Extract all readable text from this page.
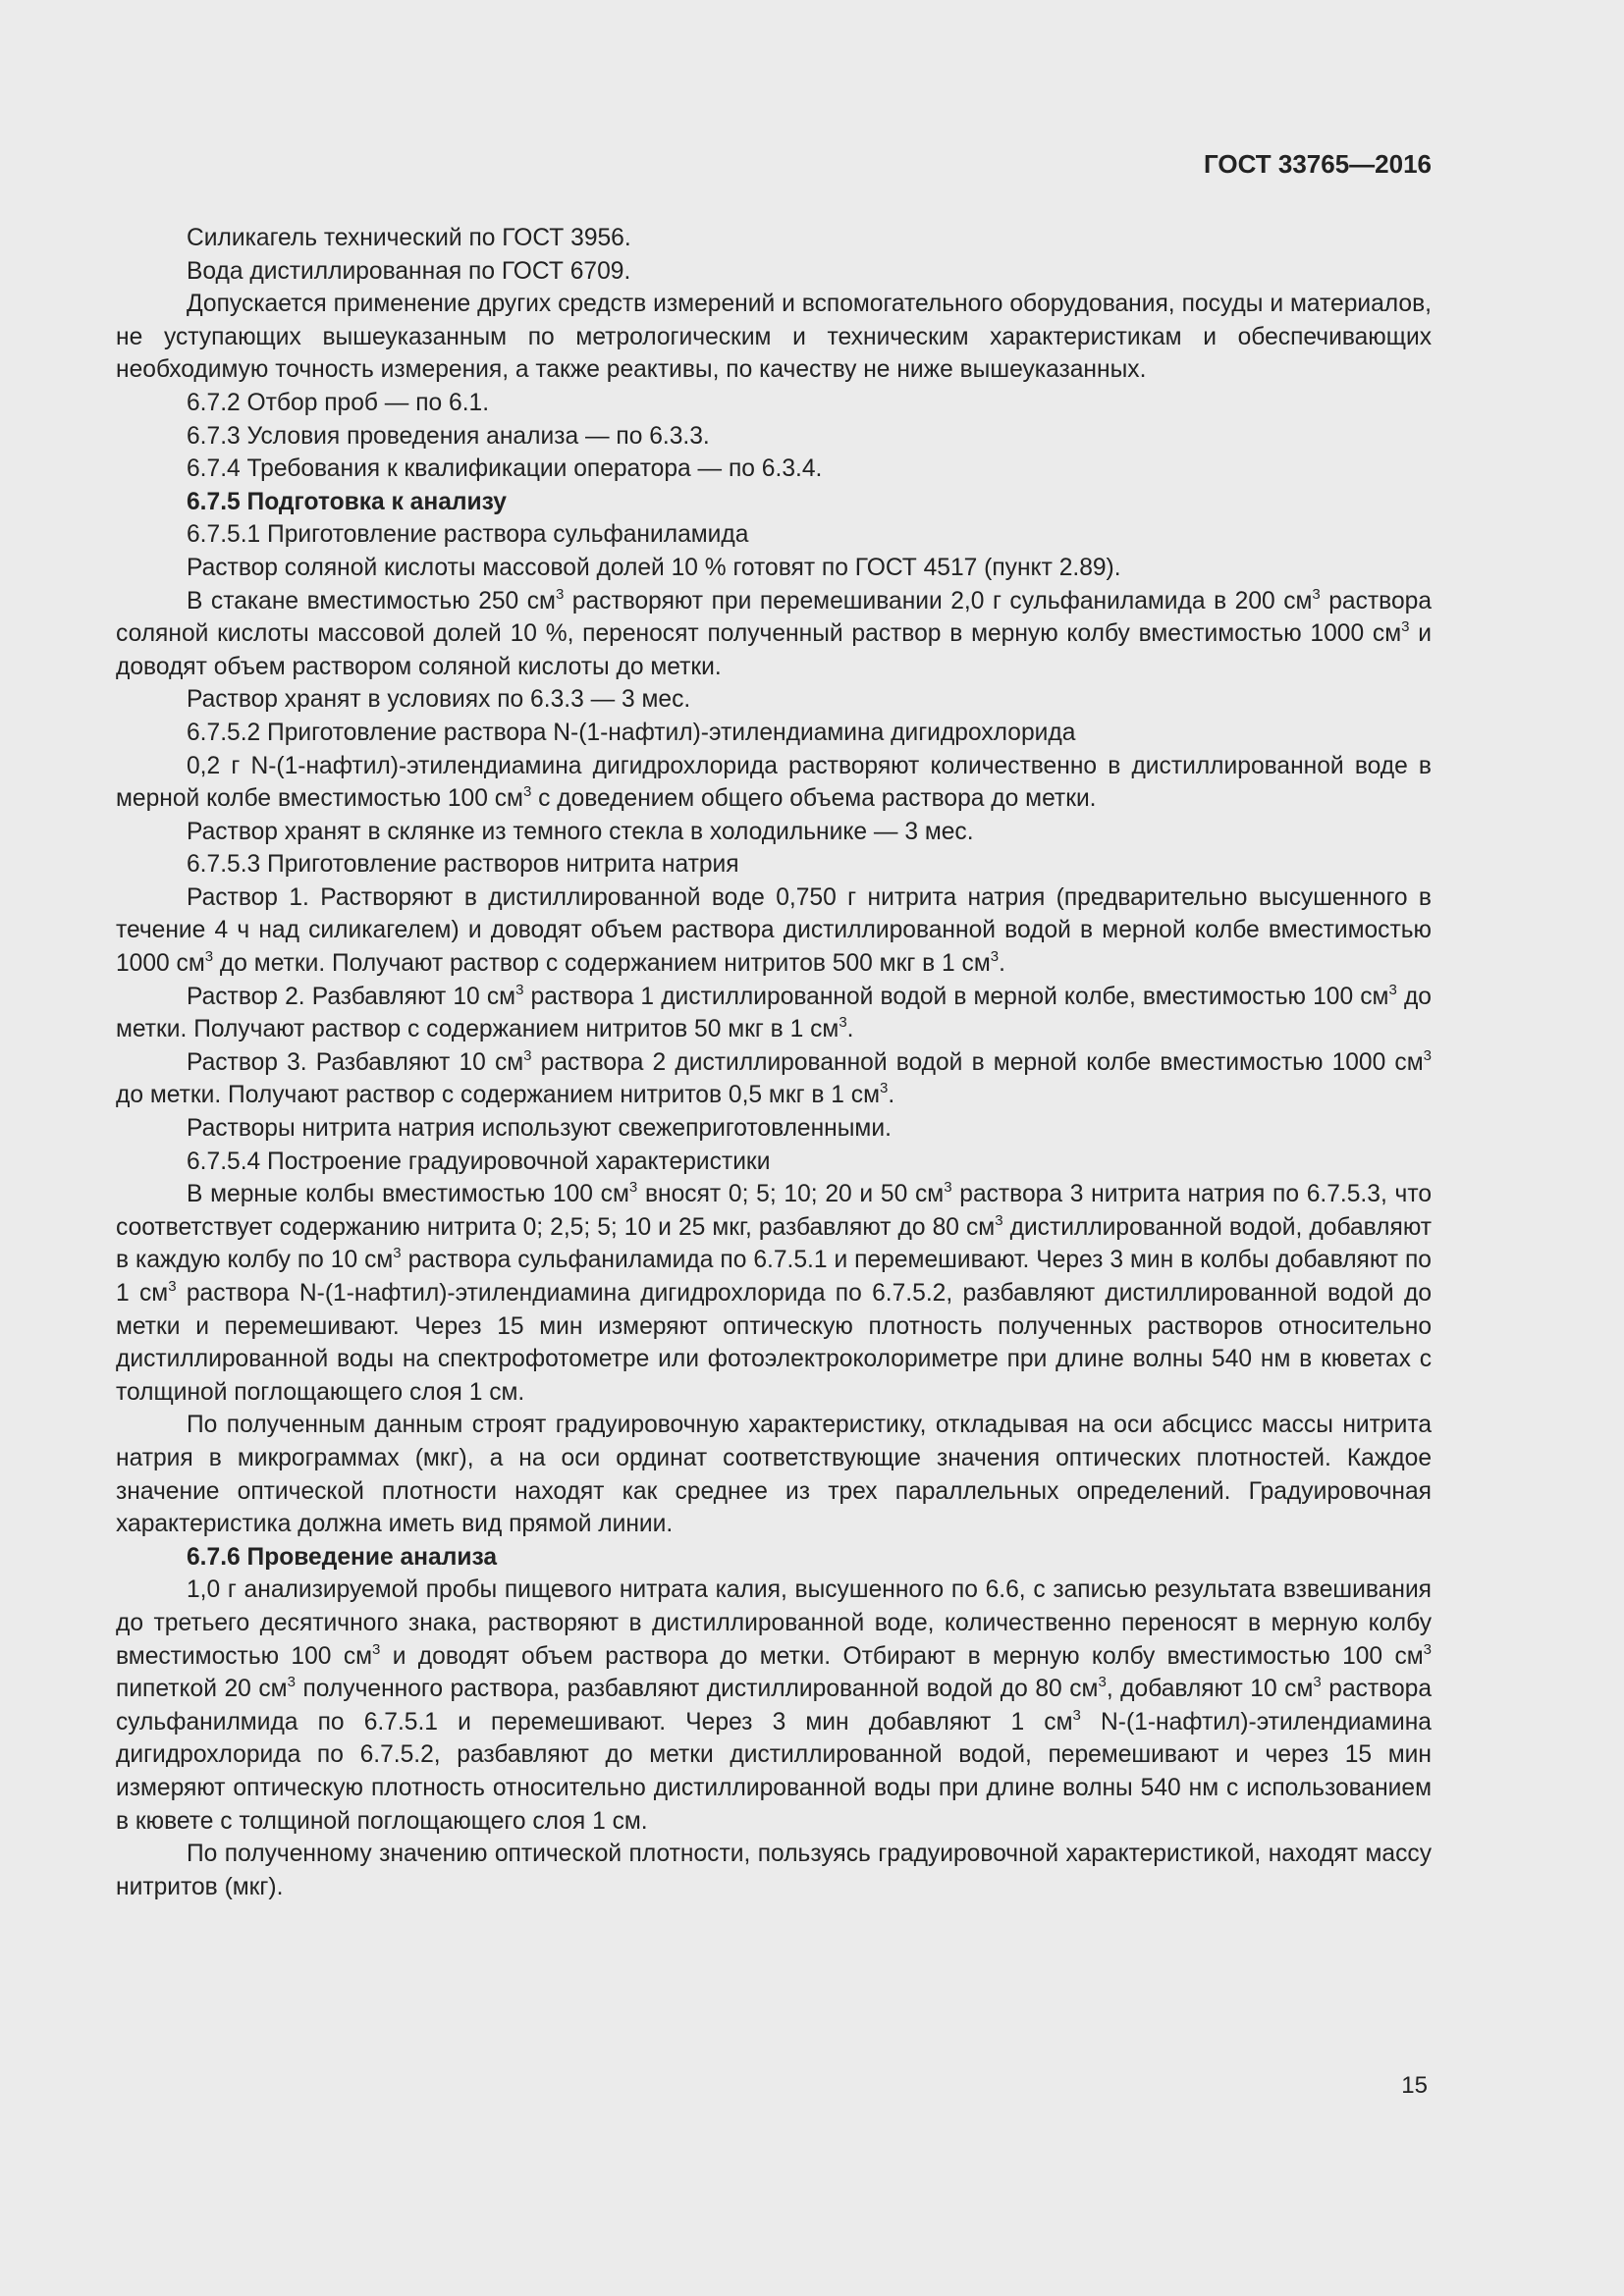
ГОСТ 33765—2016

Силикагель технический по ГОСТ 3956.

Вода дистиллированная по ГОСТ 6709.

Допускается применение других средств измерений и вспомогательного оборудования, посуды и материалов, не уступающих вышеуказанным по метрологическим и техническим характеристикам и обеспечивающих необходимую точность измерения, а также реактивы, по качеству не ниже вышеуказанных.

6.7.2 Отбор проб — по 6.1.

6.7.3 Условия проведения анализа — по 6.3.3.

6.7.4 Требования к квалификации оператора — по 6.3.4.

6.7.5 Подготовка к анализу

6.7.5.1 Приготовление раствора сульфаниламида

Раствор соляной кислоты массовой долей 10 % готовят по ГОСТ 4517 (пункт 2.89).

В стакане вместимостью 250 $см^3$ растворяют при перемешивании 2,0 г сульфаниламида в 200 $см^3$ раствора соляной кислоты массовой долей 10 %, переносят полученный раствор в мерную колбу вместимостью 1000 $см^3$ и доводят объем раствором соляной кислоты до метки.

Раствор хранят в условиях по 6.3.3 — 3 мес.

6.7.5.2 Приготовление раствора N-(1-нафтил)-этилендиамина дигидрохлорида

0,2 г N-(1-нафтил)-этилендиамина дигидрохлорида растворяют количественно в дистиллированной воде в мерной колбе вместимостью 100 $см^3$ с доведением общего объема раствора до метки.

Раствор хранят в склянке из темного стекла в холодильнике — 3 мес.

6.7.5.3 Приготовление растворов нитрита натрия

Раствор 1. Растворяют в дистиллированной воде 0,750 г нитрита натрия (предварительно высушенного в течение 4 ч над силикагелем) и доводят объем раствора дистиллированной водой в мерной колбе вместимостью 1000 $см^3$ до метки. Получают раствор с содержанием нитритов 500 мкг в 1 $см^3$.

Раствор 2. Разбавляют 10 $см^3$ раствора 1 дистиллированной водой в мерной колбе, вместимостью 100 $см^3$ до метки. Получают раствор с содержанием нитритов 50 мкг в 1 $см^3$.

Раствор 3. Разбавляют 10 $см^3$ раствора 2 дистиллированной водой в мерной колбе вместимостью 1000 $см^3$ до метки. Получают раствор с содержанием нитритов 0,5 мкг в 1 $см^3$.

Растворы нитрита натрия используют свежеприготовленными.

6.7.5.4 Построение градуировочной характеристики

В мерные колбы вместимостью 100 $см^3$ вносят 0; 5; 10; 20 и 50 $см^3$ раствора 3 нитрита натрия по 6.7.5.3, что соответствует содержанию нитрита 0; 2,5; 5; 10 и 25 мкг, разбавляют до 80 $см^3$ дистиллированной водой, добавляют в каждую колбу по 10 $см^3$ раствора сульфаниламида по 6.7.5.1 и перемешивают. Через 3 мин в колбы добавляют по 1 $см^3$ раствора N-(1-нафтил)-этилендиамина дигидрохлорида по 6.7.5.2, разбавляют дистиллированной водой до метки и перемешивают. Через 15 мин измеряют оптическую плотность полученных растворов относительно дистиллированной воды на спектрофотометре или фотоэлектроколориметре при длине волны 540 нм в кюветах с толщиной поглощающего слоя 1 см.

По полученным данным строят градуировочную характеристику, откладывая на оси абсцисс массы нитрита натрия в микрограммах (мкг), а на оси ординат соответствующие значения оптических плотностей. Каждое значение оптической плотности находят как среднее из трех параллельных определений. Градуировочная характеристика должна иметь вид прямой линии.

6.7.6 Проведение анализа

1,0 г анализируемой пробы пищевого нитрата калия, высушенного по 6.6, с записью результата взвешивания до третьего десятичного знака, растворяют в дистиллированной воде, количественно переносят в мерную колбу вместимостью 100 $см^3$ и доводят объем раствора до метки. Отбирают в мерную колбу вместимостью 100 $см^3$ пипеткой 20 $см^3$ полученного раствора, разбавляют дистиллированной водой до 80 $см^3$, добавляют 10 $см^3$ раствора сульфанилмида по 6.7.5.1 и перемешивают. Через 3 мин добавляют 1 $см^3$ N-(1-нафтил)-этилендиамина дигидрохлорида по 6.7.5.2, разбавляют до метки дистиллированной водой, перемешивают и через 15 мин измеряют оптическую плотность относительно дистиллированной воды при длине волны 540 нм с использованием в кювете с толщиной поглощающего слоя 1 см.

По полученному значению оптической плотности, пользуясь градуировочной характеристикой, находят массу нитритов (мкг).

15
